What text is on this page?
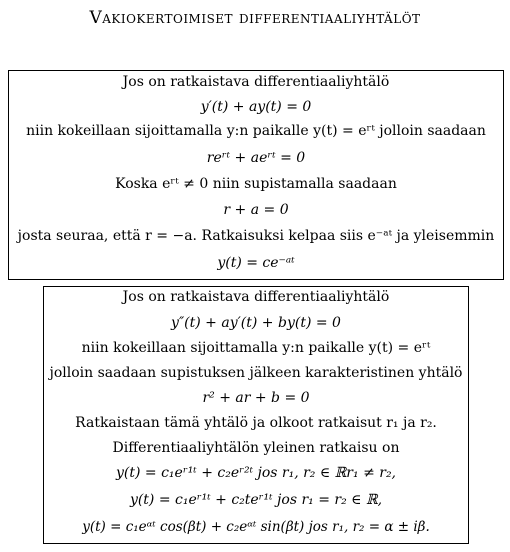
Vakiokertoimiset differentiaaliyhtälöt
Jos on ratkaistava differentiaaliyhtälö
y′(t) + ay(t) = 0
niin kokeillaan sijoittamalla y:n paikalle y(t) = eʳᵗ jolloin saadaan
reʳᵗ + aeʳᵗ = 0
Koska eʳᵗ ≠ 0 niin supistamalla saadaan
r + a = 0
josta seuraa, että r = −a. Ratkaisuksi kelpaa siis e⁻ᵃᵗ ja yleisemmin
y(t) = ce⁻ᵃᵗ
Jos on ratkaistava differentiaaliyhtälö
y″(t) + ay′(t) + by(t) = 0
niin kokeillaan sijoittamalla y:n paikalle y(t) = eʳᵗ
jolloin saadaan supistuksen jälkeen karakteristinen yhtälö
r² + ar + b = 0
Ratkaistaan tämä yhtälö ja olkoot ratkaisut r₁ ja r₂.
Differentiaaliyhtälön yleinen ratkaisu on
y(t) = c₁eʳ¹ᵗ + c₂eʳ²ᵗ jos r₁, r₂ ∈ ℝr₁ ≠ r₂,
y(t) = c₁eʳ¹ᵗ + c₂teʳ¹ᵗ jos r₁ = r₂ ∈ ℝ,
y(t) = c₁eᵅᵗ cos(βt) + c₂eᵅᵗ sin(βt) jos r₁, r₂ = α ± iβ.
